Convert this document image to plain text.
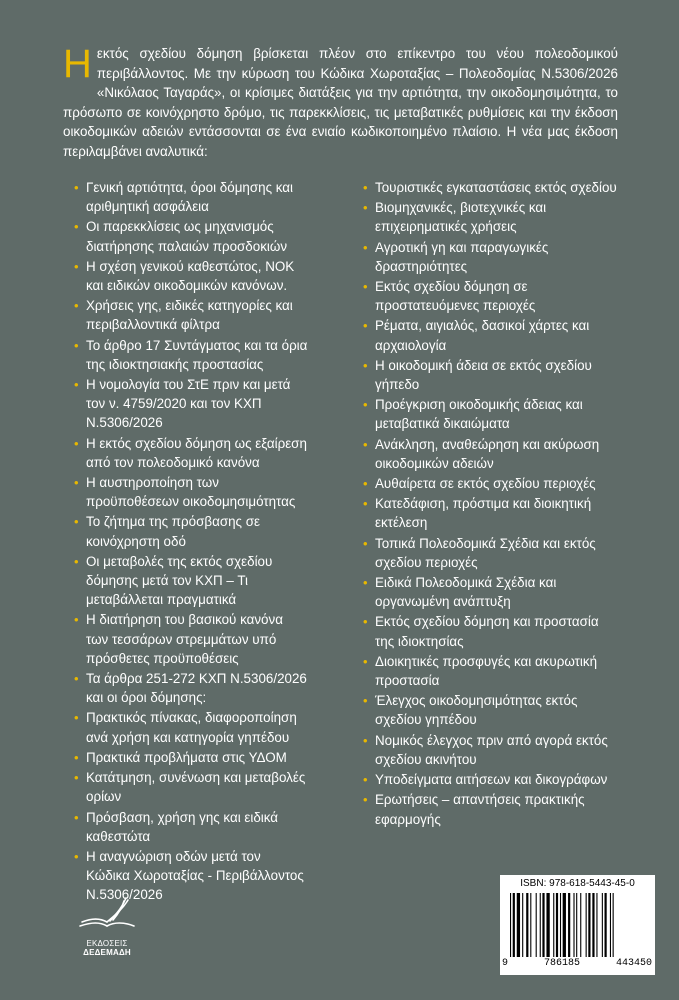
Η εκτός σχεδίου δόμηση βρίσκεται πλέον στο επίκεντρο του νέου πολεοδομικού περιβάλλοντος. Με την κύρωση του Κώδικα Χωροταξίας – Πολεοδομίας Ν.5306/2026 «Νικόλαος Ταγαράς», οι κρίσιμες διατάξεις για την αρτιότητα, την οικοδομησιμότητα, το πρόσωπο σε κοινόχρηστο δρόμο, τις παρεκκλίσεις, τις μεταβατικές ρυθμίσεις και την έκδοση οικοδομικών αδειών εντάσσονται σε ένα ενιαίο κωδικοποιημένο πλαίσιο. Η νέα μας έκδοση περιλαμβάνει αναλυτικά:
• Γενική αρτιότητα, όροι δόμησης και αριθμητική ασφάλεια
• Οι παρεκκλίσεις ως μηχανισμός διατήρησης παλαιών προσδοκιών
• Η σχέση γενικού καθεστώτος, ΝΟΚ και ειδικών οικοδομικών κανόνων.
• Χρήσεις γης, ειδικές κατηγορίες και περιβαλλοντικά φίλτρα
• Το άρθρο 17 Συντάγματος και τα όρια της ιδιοκτησιακής προστασίας
• Η νομολογία του ΣτΕ πριν και μετά τον ν. 4759/2020 και τον ΚΧΠ Ν.5306/2026
• Η εκτός σχεδίου δόμηση ως εξαίρεση από τον πολεοδομικό κανόνα
• Η αυστηροποίηση των προϋποθέσεων οικοδομησιμότητας
• Το ζήτημα της πρόσβασης σε κοινόχρηστη οδό
• Οι μεταβολές της εκτός σχεδίου δόμησης μετά τον ΚΧΠ – Τι μεταβάλλεται πραγματικά
• Η διατήρηση του βασικού κανόνα των τεσσάρων στρεμμάτων υπό πρόσθετες προϋποθέσεις
• Τα άρθρα 251-272 ΚΧΠ Ν.5306/2026 και οι όροι δόμησης:
• Πρακτικός πίνακας, διαφοροποίηση ανά χρήση και κατηγορία γηπέδου
• Πρακτικά προβλήματα στις ΥΔΟΜ
• Κατάτμηση, συνένωση και μεταβολές ορίων
• Πρόσβαση, χρήση γης και ειδικά καθεστώτα
• Η αναγνώριση οδών μετά τον Κώδικα Χωροταξίας - Περιβάλλοντος Ν.5306/2026
• Τουριστικές εγκαταστάσεις εκτός σχεδίου
• Βιομηχανικές, βιοτεχνικές και επιχειρηματικές χρήσεις
• Αγροτική γη και παραγωγικές δραστηριότητες
• Εκτός σχεδίου δόμηση σε προστατευόμενες περιοχές
• Ρέματα, αιγιαλός, δασικοί χάρτες και αρχαιολογία
• Η οικοδομική άδεια σε εκτός σχεδίου γήπεδο
• Προέγκριση οικοδομικής άδειας και μεταβατικά δικαιώματα
• Ανάκληση, αναθεώρηση και ακύρωση οικοδομικών αδειών
• Αυθαίρετα σε εκτός σχεδίου περιοχές
• Κατεδάφιση, πρόστιμα και διοικητική εκτέλεση
• Τοπικά Πολεοδομικά Σχέδια και εκτός σχεδίου περιοχές
• Ειδικά Πολεοδομικά Σχέδια και οργανωμένη ανάπτυξη
• Εκτός σχεδίου δόμηση και προστασία της ιδιοκτησίας
• Διοικητικές προσφυγές και ακυρωτική προστασία
• Έλεγχος οικοδομησιμότητας εκτός σχεδίου γηπέδου
• Νομικός έλεγχος πριν από αγορά εκτός σχεδίου ακινήτου
• Υποδείγματα αιτήσεων και δικογράφων
• Ερωτήσεις – απαντήσεις πρακτικής εφαρμογής
ΕΚΔΟΣΕΙΣ ΔΕΔΕΜΑΔΗ
ISBN: 978-618-5443-45-0
9	786185	443450
